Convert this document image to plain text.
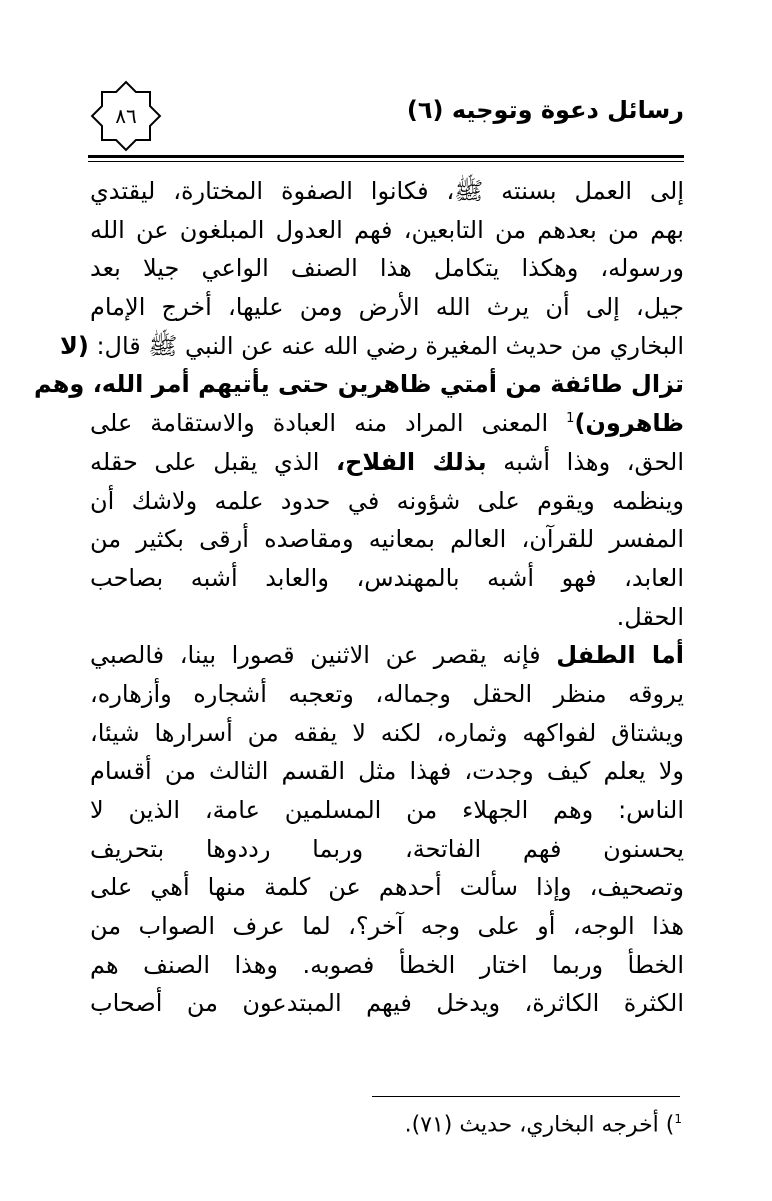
رسائل دعوة وتوجيه (٦)
٨٦
إلى العمل بسنته ﷺ، فكانوا الصفوة المختارة، ليقتدي
بهم من بعدهم من التابعين، فهم العدول المبلغون عن الله
ورسوله، وهكذا يتكامل هذا الصنف الواعي جيلا بعد
جيل، إلى أن يرث الله الأرض ومن عليها، أخرج الإمام
البخاري من حديث المغيرة رضي الله عنه عن النبي ﷺ قال: (لا
تزال طائفة من أمتي ظاهرين حتى يأتيهم أمر الله، وهم
ظاهرون)$^1$ المعنى المراد منه العبادة والاستقامة على
الحق، وهذا أشبه بذلك الفلاح، الذي يقبل على حقله
وينظمه ويقوم على شؤونه في حدود علمه ولاشك أن
المفسر للقرآن، العالم بمعانيه ومقاصده أرقى بكثير من
العابد، فهو أشبه بالمهندس، والعابد أشبه بصاحب
الحقل.
أما الطفل فإنه يقصر عن الاثنين قصورا بينا، فالصبي
يروقه منظر الحقل وجماله، وتعجبه أشجاره وأزهاره،
ويشتاق لفواكهه وثماره، لكنه لا يفقه من أسرارها شيئا،
ولا يعلم كيف وجدت، فهذا مثل القسم الثالث من أقسام
الناس: وهم الجهلاء من المسلمين عامة، الذين لا
يحسنون فهم الفاتحة، وربما رددوها بتحريف
وتصحيف، وإذا سألت أحدهم عن كلمة منها أهي على
هذا الوجه، أو على وجه آخر؟، لما عرف الصواب من
الخطأ وربما اختار الخطأ فصوبه. وهذا الصنف هم
الكثرة الكاثرة، ويدخل فيهم المبتدعون من أصحاب
$^1$) أخرجه البخاري، حديث (٧١).
